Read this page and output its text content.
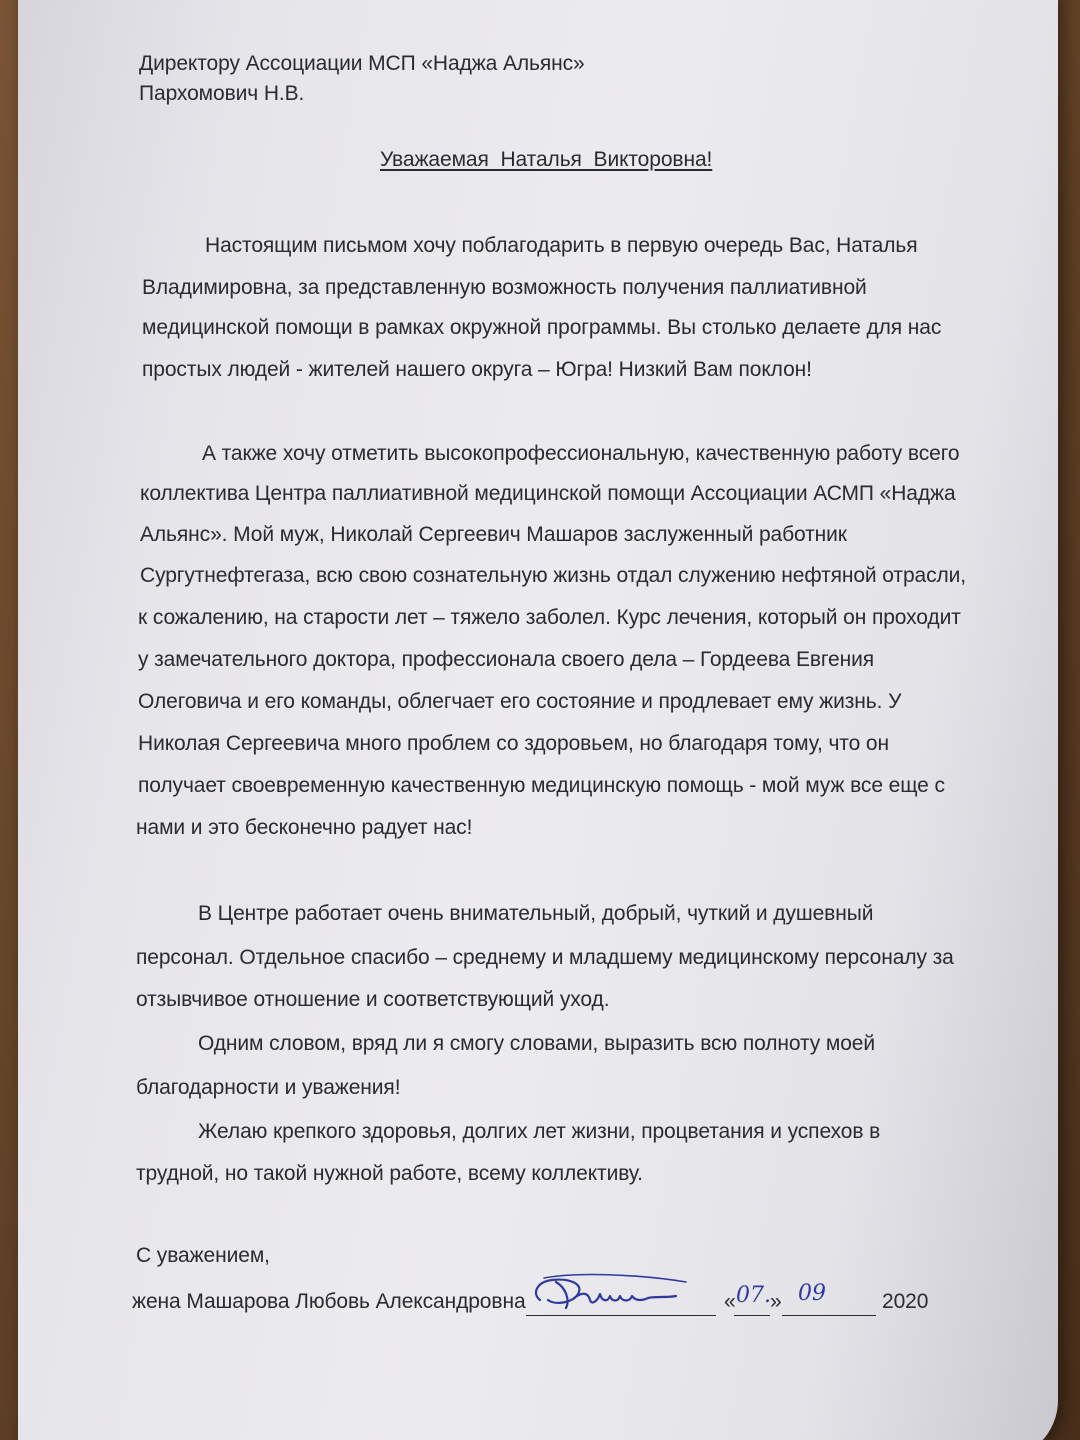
Директору Ассоциации МСП «Наджа Альянс»
Пархомович Н.В.
Уважаемая Наталья Викторовна!
Настоящим письмом хочу поблагодарить в первую очередь Вас, Наталья
Владимировна, за представленную возможность получения паллиативной
медицинской помощи в рамках окружной программы. Вы столько делаете для нас
простых людей - жителей нашего округа – Югра! Низкий Вам поклон!
А также хочу отметить высокопрофессиональную, качественную работу всего
коллектива Центра паллиативной медицинской помощи Ассоциации АСМП «Наджа
Альянс». Мой муж, Николай Сергеевич Машаров заслуженный работник
Сургутнефтегаза, всю свою сознательную жизнь отдал служению нефтяной отрасли,
к сожалению, на старости лет – тяжело заболел. Курс лечения, который он проходит
у замечательного доктора, профессионала своего дела – Гордеева Евгения
Олеговича и его команды, облегчает его состояние и продлевает ему жизнь. У
Николая Сергеевича много проблем со здоровьем, но благодаря тому, что он
получает своевременную качественную медицинскую помощь - мой муж все еще с
нами и это бесконечно радует нас!
В Центре работает очень внимательный, добрый, чуткий и душевный
персонал. Отдельное спасибо – среднему и младшему медицинскому персоналу за
отзывчивое отношение и соответствующий уход.
Одним словом, вряд ли я смогу словами, выразить всю полноту моей
благодарности и уважения!
Желаю крепкого здоровья, долгих лет жизни, процветания и успехов в
трудной, но такой нужной работе, всему коллективу.
С уважением,
жена Машарова Любовь Александровна	« 07. » 09	2020
